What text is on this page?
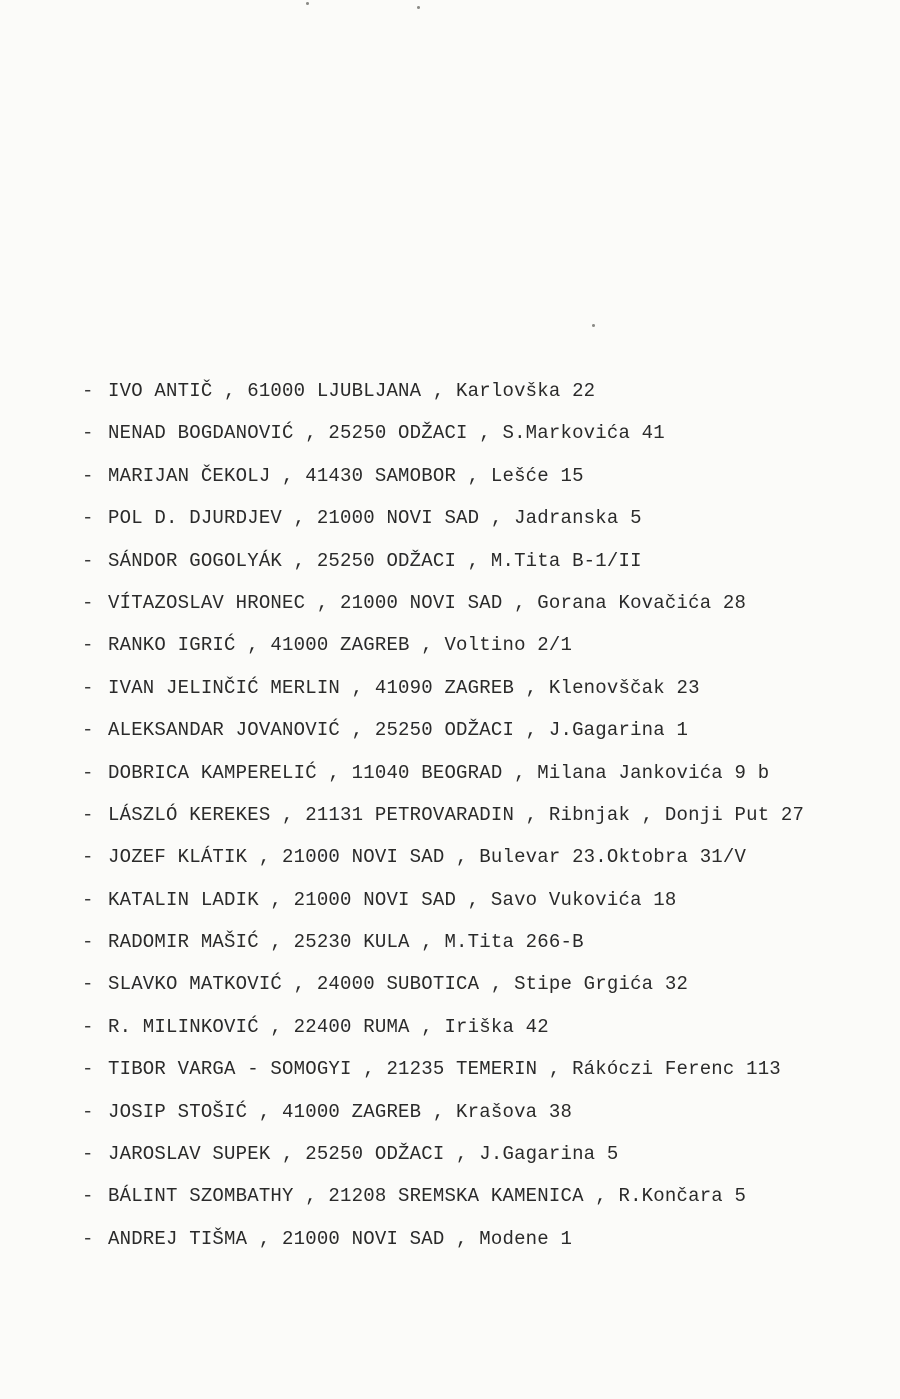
- IVO ANTIČ , 61000 LJUBLJANA , Karlovška 22
- NENAD BOGDANOVIĆ , 25250 ODŽACI , S.Markovića 41
- MARIJAN ČEKOLJ , 41430 SAMOBOR , Lešće 15
- POL D. DJURDJEV , 21000 NOVI SAD , Jadranska 5
- SÁNDOR GOGOLYÁK , 25250 ODŽACI , M.Tita B-1/II
- VÍTAZOSLAV HRONEC , 21000 NOVI SAD , Gorana Kovačića 28
- RANKO IGRIĆ , 41000 ZAGREB , Voltino 2/1
- IVAN JELINČIĆ MERLIN , 41090 ZAGREB , Klenovščak 23
- ALEKSANDAR JOVANOVIĆ , 25250 ODŽACI , J.Gagarina 1
- DOBRICA KAMPERELIĆ , 11040 BEOGRAD , Milana Jankovića 9 b
- LÁSZLÓ KEREKES , 21131 PETROVARADIN , Ribnjak , Donji Put 27
- JOZEF KLÁTIK , 21000 NOVI SAD , Bulevar 23.Oktobra 31/V
- KATALIN LADIK , 21000 NOVI SAD , Savo Vukovića 18
- RADOMIR MAŠIĆ , 25230 KULA , M.Tita 266-B
- SLAVKO MATKOVIĆ , 24000 SUBOTICA , Stipe Grgića 32
- R. MILINKOVIĆ , 22400 RUMA , Iriška 42
- TIBOR VARGA - SOMOGYI , 21235 TEMERIN , Rákóczi Ferenc 113
- JOSIP STOŠIĆ , 41000 ZAGREB , Krašova 38
- JAROSLAV SUPEK , 25250 ODŽACI , J.Gagarina 5
- BÁLINT SZOMBATHY , 21208 SREMSKA KAMENICA , R.Končara 5
- ANDREJ TIŠMA , 21000 NOVI SAD , Modene 1
